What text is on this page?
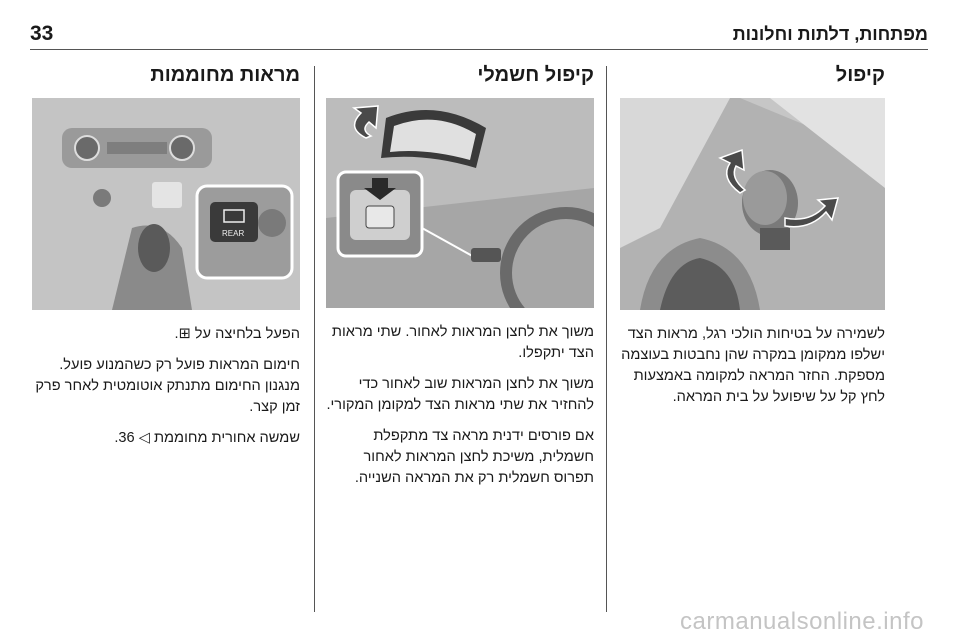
33	מפתחות, דלתות וחלונות
קיפול

לשמירה על בטיחות הולכי רגל, מראות הצד ישלפו ממקומן במקרה שהן נחבטות בעוצמה מספקת. החזר המראה למקומה באמצעות לחץ קל על שיפועל על בית המראה.

קיפול חשמלי

משוך את לחצן המראות לאחור. שתי מראות הצד יתקפלו.

משוך את לחצן המראות שוב לאחור כדי להחזיר את שתי מראות הצד למקומן המקורי.

אם פורסים ידנית מראה צד מתקפלת חשמלית, משיכת לחצן המראות לאחור תפרוס חשמלית רק את המראה השנייה.

מראות מחוממות
REAR

הפעל בלחיצה על ⊞.

חימום המראות פועל רק כשהמנוע פועל. מנגנון החימום מתנתק אוטומטית לאחר פרק זמן קצר.

שמשה אחורית מחוממת ◁ 36.

carmanualsonline.info
